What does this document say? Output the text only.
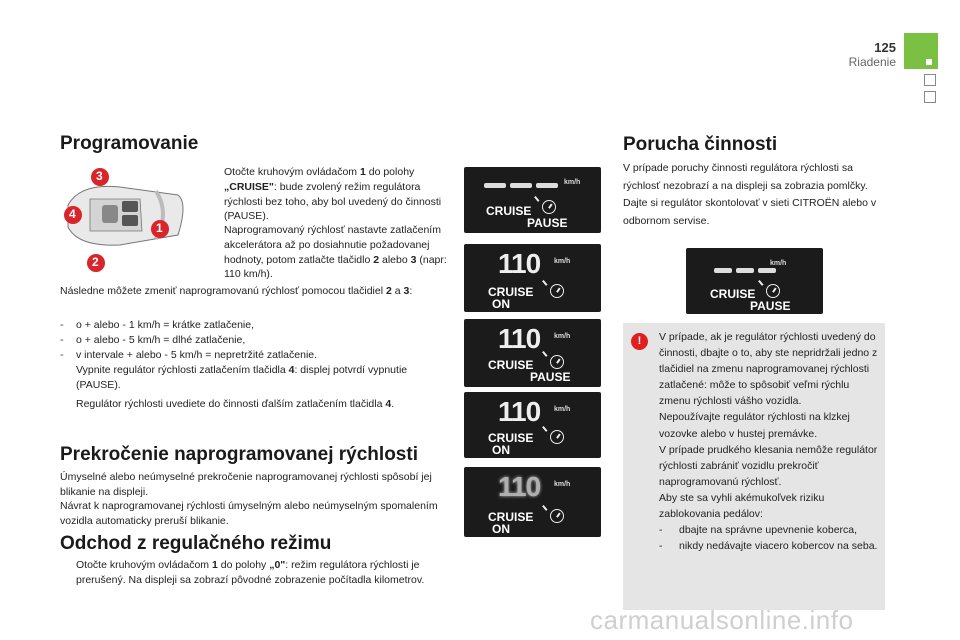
125
Riadenie
Programovanie
3
1
2
4
Otočte kruhovým ovládačom 1 do polohy „CRUISE": bude zvolený režim regulátora rýchlosti bez toho, aby bol uvedený do činnosti (PAUSE).
Naprogramovaný rýchlosť nastavte zatlačením akcelerátora až po dosiahnutie požadovanej hodnoty, potom zatlačte tlačidlo 2 alebo 3 (napr: 110 km/h).
Následne môžete zmeniť naprogramovanú rýchlosť pomocou tlačidiel 2 a 3:
- o + alebo - 1 km/h = krátke zatlačenie,
- o + alebo - 5 km/h = dlhé zatlačenie,
- v intervale + alebo - 5 km/h = nepretržité zatlačenie.
Vypnite regulátor rýchlosti zatlačením tlačidla 4: displej potvrdí vypnutie (PAUSE).
Regulátor rýchlosti uvediete do činnosti ďalším zatlačením tlačidla 4.
Prekročenie naprogramovanej rýchlosti
Úmyselné alebo neúmyselné prekročenie naprogramovanej rýchlosti spôsobí jej blikanie na displeji.
Návrat k naprogramovanej rýchlosti úmyselným alebo neúmyselným spomalením vozidla automaticky preruší blikanie.
Odchod z regulačného režimu
Otočte kruhovým ovládačom 1 do polohy „0": režim regulátora rýchlosti je prerušený. Na displeji sa zobrazí pôvodné zobrazenie počítadla kilometrov.
km/h
CRUISE
PAUSE
110 km/h
CRUISE
ON
110 km/h
CRUISE
PAUSE
110 km/h
CRUISE
ON
110 km/h
CRUISE
ON
Porucha činnosti
V prípade poruchy činnosti regulátora rýchlosti sa rýchlosť nezobrazí a na displeji sa zobrazia pomlčky. Dajte si regulátor skontolovať v sieti CITROËN alebo v odbornom servise.
km/h
CRUISE
PAUSE
!	V prípade, ak je regulátor rýchlosti uvedený do činnosti, dbajte o to, aby ste nepridržali jedno z tlačidiel na zmenu naprogramovanej rýchlosti zatlačené: môže to spôsobiť veľmi rýchlu zmenu rýchlosti vášho vozidla.
Nepoužívajte regulátor rýchlosti na klzkej vozovke alebo v hustej premávke.
V prípade prudkého klesania nemôže regulátor rýchlosti zabrániť vozidlu prekročiť naprogramovanú rýchlosť.
Aby ste sa vyhli akémukoľvek riziku zablokovania pedálov:
- dbajte na správne upevnenie koberca,
- nikdy nedávajte viacero kobercov na seba.
carmanualsonline.info
